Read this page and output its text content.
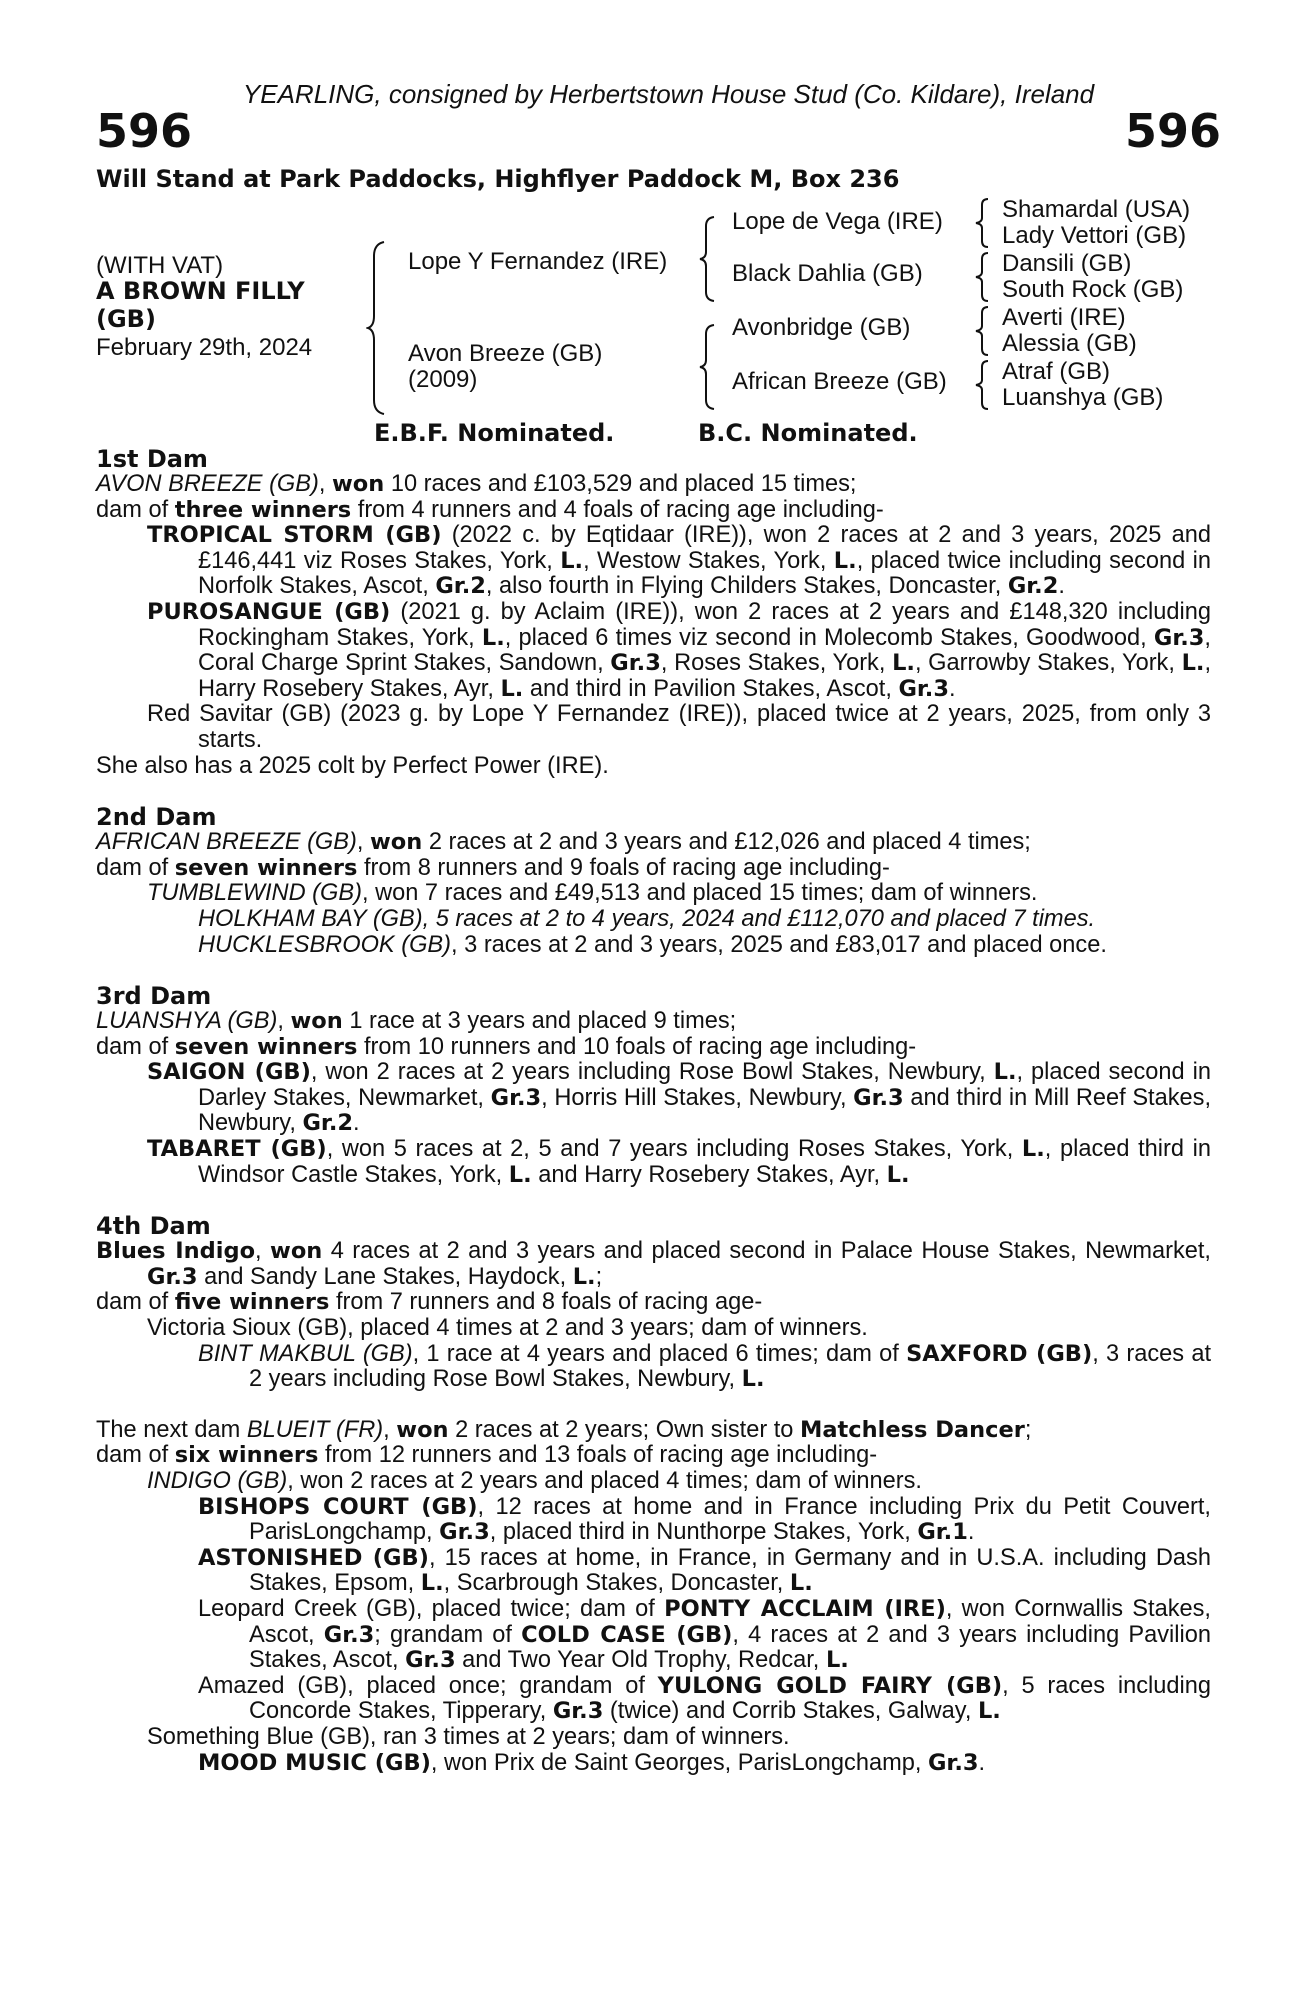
YEARLING, consigned by Herbertstown House Stud (Co. Kildare), Ireland

596	596

Will Stand at Park Paddocks, Highflyer Paddock M, Box 236

(WITH VAT)
A BROWN FILLY
(GB)
February 29th, 2024
Lope Y Fernandez (IRE)
Avon Breeze (GB)
(2009)
Lope de Vega (IRE)
Black Dahlia (GB)
Avonbridge (GB)
African Breeze (GB)
Shamardal (USA)
Lady Vettori (GB)
Dansili (GB)
South Rock (GB)
Averti (IRE)
Alessia (GB)
Atraf (GB)
Luanshya (GB)
E.B.F. Nominated.	B.C. Nominated.

1st Dam

AVON BREEZE (GB), won 10 races and £103,529 and placed 15 times;

dam of three winners from 4 runners and 4 foals of racing age including-

TROPICAL STORM (GB) (2022 c. by Eqtidaar (IRE)), won 2 races at 2 and 3 years, 2025 and £146,441 viz Roses Stakes, York, L., Westow Stakes, York, L., placed twice including second in Norfolk Stakes, Ascot, Gr.2, also fourth in Flying Childers Stakes, Doncaster, Gr.2.

PUROSANGUE (GB) (2021 g. by Aclaim (IRE)), won 2 races at 2 years and £148,320 including Rockingham Stakes, York, L., placed 6 times viz second in Molecomb Stakes, Goodwood, Gr.3, Coral Charge Sprint Stakes, Sandown, Gr.3, Roses Stakes, York, L., Garrowby Stakes, York, L., Harry Rosebery Stakes, Ayr, L. and third in Pavilion Stakes, Ascot, Gr.3.

Red Savitar (GB) (2023 g. by Lope Y Fernandez (IRE)), placed twice at 2 years, 2025, from only 3 starts.

She also has a 2025 colt by Perfect Power (IRE).

2nd Dam

AFRICAN BREEZE (GB), won 2 races at 2 and 3 years and £12,026 and placed 4 times;

dam of seven winners from 8 runners and 9 foals of racing age including-

TUMBLEWIND (GB), won 7 races and £49,513 and placed 15 times; dam of winners.

HOLKHAM BAY (GB), 5 races at 2 to 4 years, 2024 and £112,070 and placed 7 times.

HUCKLESBROOK (GB), 3 races at 2 and 3 years, 2025 and £83,017 and placed once.

3rd Dam

LUANSHYA (GB), won 1 race at 3 years and placed 9 times;

dam of seven winners from 10 runners and 10 foals of racing age including-

SAIGON (GB), won 2 races at 2 years including Rose Bowl Stakes, Newbury, L., placed second in Darley Stakes, Newmarket, Gr.3, Horris Hill Stakes, Newbury, Gr.3 and third in Mill Reef Stakes, Newbury, Gr.2.

TABARET (GB), won 5 races at 2, 5 and 7 years including Roses Stakes, York, L., placed third in Windsor Castle Stakes, York, L. and Harry Rosebery Stakes, Ayr, L.

4th Dam

Blues Indigo, won 4 races at 2 and 3 years and placed second in Palace House Stakes, Newmarket, Gr.3 and Sandy Lane Stakes, Haydock, L.;

dam of five winners from 7 runners and 8 foals of racing age-

Victoria Sioux (GB), placed 4 times at 2 and 3 years; dam of winners.

BINT MAKBUL (GB), 1 race at 4 years and placed 6 times; dam of SAXFORD (GB), 3 races at 2 years including Rose Bowl Stakes, Newbury, L.

The next dam BLUEIT (FR), won 2 races at 2 years; Own sister to Matchless Dancer;

dam of six winners from 12 runners and 13 foals of racing age including-

INDIGO (GB), won 2 races at 2 years and placed 4 times; dam of winners.

BISHOPS COURT (GB), 12 races at home and in France including Prix du Petit Couvert, ParisLongchamp, Gr.3, placed third in Nunthorpe Stakes, York, Gr.1.

ASTONISHED (GB), 15 races at home, in France, in Germany and in U.S.A. including Dash Stakes, Epsom, L., Scarbrough Stakes, Doncaster, L.

Leopard Creek (GB), placed twice; dam of PONTY ACCLAIM (IRE), won Cornwallis Stakes, Ascot, Gr.3; grandam of COLD CASE (GB), 4 races at 2 and 3 years including Pavilion Stakes, Ascot, Gr.3 and Two Year Old Trophy, Redcar, L.

Amazed (GB), placed once; grandam of YULONG GOLD FAIRY (GB), 5 races including Concorde Stakes, Tipperary, Gr.3 (twice) and Corrib Stakes, Galway, L.

Something Blue (GB), ran 3 times at 2 years; dam of winners.

MOOD MUSIC (GB), won Prix de Saint Georges, ParisLongchamp, Gr.3.
